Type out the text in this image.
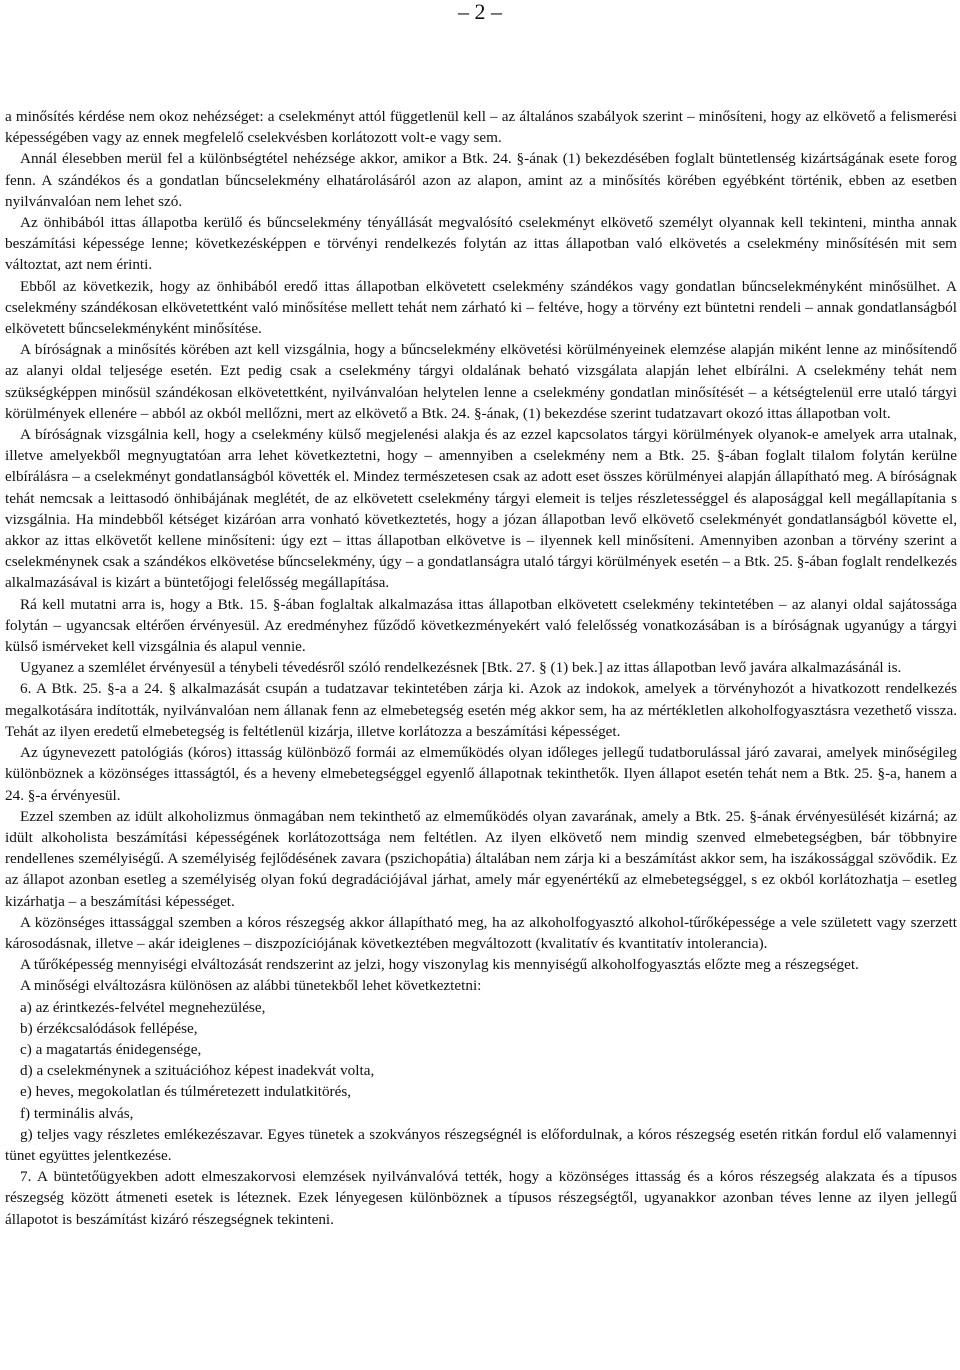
– 2 –

a minősítés kérdése nem okoz nehézséget: a cselekményt attól függetlenül kell – az általános szabályok szerint – minősíteni, hogy az elkövető a felismerési képességében vagy az ennek megfelelő cselekvésben korlátozott volt-e vagy sem.

Annál élesebben merül fel a különbségtétel nehézsége akkor, amikor a Btk. 24. §-ának (1) bekezdésében foglalt büntetlenség kizártságának esete forog fenn. A szándékos és a gondatlan bűncselekmény elhatárolásáról azon az alapon, amint az a minősítés körében egyébként történik, ebben az esetben nyilvánvalóan nem lehet szó.

Az önhibából ittas állapotba kerülő és bűncselekmény tényállását megvalósító cselekményt elkövető személyt olyannak kell tekinteni, mintha annak beszámítási képessége lenne; következésképpen e törvényi rendelkezés folytán az ittas állapotban való elkövetés a cselekmény minősítésén mit sem változtat, azt nem érinti.

Ebből az következik, hogy az önhibából eredő ittas állapotban elkövetett cselekmény szándékos vagy gondatlan bűncselekményként minősülhet. A cselekmény szándékosan elkövetettként való minősítése mellett tehát nem zárható ki – feltéve, hogy a törvény ezt büntetni rendeli – annak gondatlanságból elkövetett bűncselekményként minősítése.

A bíróságnak a minősítés körében azt kell vizsgálnia, hogy a bűncselekmény elkövetési körülményeinek elemzése alapján miként lenne az minősítendő az alanyi oldal teljesége esetén. Ezt pedig csak a cselekmény tárgyi oldalának beható vizsgálata alapján lehet elbírálni. A cselekmény tehát nem szükségképpen minősül szándékosan elkövetettként, nyilvánvalóan helytelen lenne a cselekmény gondatlan minősítését – a kétségtelenül erre utaló tárgyi körülmények ellenére – abból az okból mellőzni, mert az elkövető a Btk. 24. §-ának, (1) bekezdése szerint tudatzavart okozó ittas állapotban volt.

A bíróságnak vizsgálnia kell, hogy a cselekmény külső megjelenési alakja és az ezzel kapcsolatos tárgyi körülmények olyanok-e amelyek arra utalnak, illetve amelyekből megnyugtatóan arra lehet következtetni, hogy – amennyiben a cselekmény nem a Btk. 25. §-ában foglalt tilalom folytán kerülne elbírálásra – a cselekményt gondatlanságból követték el. Mindez természetesen csak az adott eset összes körülményei alapján állapítható meg. A bíróságnak tehát nemcsak a leittasodó önhibájának meglétét, de az elkövetett cselekmény tárgyi elemeit is teljes részletességgel és alaposággal kell megállapítania s vizsgálnia. Ha mindebből kétséget kizáróan arra vonható következtetés, hogy a józan állapotban levő elkövető cselekményét gondatlanságból követte el, akkor az ittas elkövetőt kellene minősíteni: úgy ezt – ittas állapotban elkövetve is – ilyennek kell minősíteni. Amennyiben azonban a törvény szerint a cselekménynek csak a szándékos elkövetése bűncselekmény, úgy – a gondatlanságra utaló tárgyi körülmények esetén – a Btk. 25. §-ában foglalt rendelkezés alkalmazásával is kizárt a büntetőjogi felelősség megállapítása.

Rá kell mutatni arra is, hogy a Btk. 15. §-ában foglaltak alkalmazása ittas állapotban elkövetett cselekmény tekintetében – az alanyi oldal sajátossága folytán – ugyancsak eltérően érvényesül. Az eredményhez fűződő következményekért való felelősség vonatkozásában is a bíróságnak ugyanúgy a tárgyi külső ismérveket kell vizsgálnia és alapul vennie.

Ugyanez a szemlélet érvényesül a ténybeli tévedésről szóló rendelkezésnek [Btk. 27. § (1) bek.] az ittas állapotban levő javára alkalmazásánál is.

6. A Btk. 25. §-a a 24. § alkalmazását csupán a tudatzavar tekintetében zárja ki. Azok az indokok, amelyek a törvényhozót a hivatkozott rendelkezés megalkotására indították, nyilvánvalóan nem állanak fenn az elmebetegség esetén még akkor sem, ha az mértékletlen alkoholfogyasztásra vezethető vissza. Tehát az ilyen eredetű elmebetegség is feltétlenül kizárja, illetve korlátozza a beszámítási képességet.

Az úgynevezett patológiás (kóros) ittasság különböző formái az elmeműködés olyan időleges jellegű tudatborulással járó zavarai, amelyek minőségileg különböznek a közönséges ittasságtól, és a heveny elmebetegséggel egyenlő állapotnak tekinthetők. Ilyen állapot esetén tehát nem a Btk. 25. §-a, hanem a 24. §-a érvényesül.

Ezzel szemben az idült alkoholizmus önmagában nem tekinthető az elmeműködés olyan zavarának, amely a Btk. 25. §-ának érvényesülését kizárná; az idült alkoholista beszámítási képességének korlátozottsága nem feltétlen. Az ilyen elkövető nem mindig szenved elmebetegségben, bár többnyire rendellenes személyiségű. A személyiség fejlődésének zavara (pszichopátia) általában nem zárja ki a beszámítást akkor sem, ha iszákossággal szövődik. Ez az állapot azonban esetleg a személyiség olyan fokú degradációjával járhat, amely már egyenértékű az elmebetegséggel, s ez okból korlátozhatja – esetleg kizárhatja – a beszámítási képességet.

A közönséges ittassággal szemben a kóros részegség akkor állapítható meg, ha az alkoholfogyasztó alkohol-tűrőképessége a vele született vagy szerzett károsodásnak, illetve – akár ideiglenes – diszpozíciójának következtében megváltozott (kvalitatív és kvantitatív intolerancia).

A tűrőképesség mennyiségi elváltozását rendszerint az jelzi, hogy viszonylag kis mennyiségű alkoholfogyasztás előzte meg a részegséget.

A minőségi elváltozásra különösen az alábbi tünetekből lehet következtetni:

a) az érintkezés-felvétel megnehezülése,

b) érzékcsalódások fellépése,

c) a magatartás énidegensége,

d) a cselekménynek a szituációhoz képest inadekvát volta,

e) heves, megokolatlan és túlméretezett indulatkitörés,

f) terminális alvás,

g) teljes vagy részletes emlékezészavar. Egyes tünetek a szokványos részegségnél is előfordulnak, a kóros részegség esetén ritkán fordul elő valamennyi tünet együttes jelentkezése.

7. A büntetőügyekben adott elmeszakorvosi elemzések nyilvánvalóvá tették, hogy a közönséges ittasság és a kóros részegség alakzata és a típusos részegség között átmeneti esetek is léteznek. Ezek lényegesen különböznek a típusos részegségtől, ugyanakkor azonban téves lenne az ilyen jellegű állapotot is beszámítást kizáró részegségnek tekinteni.
